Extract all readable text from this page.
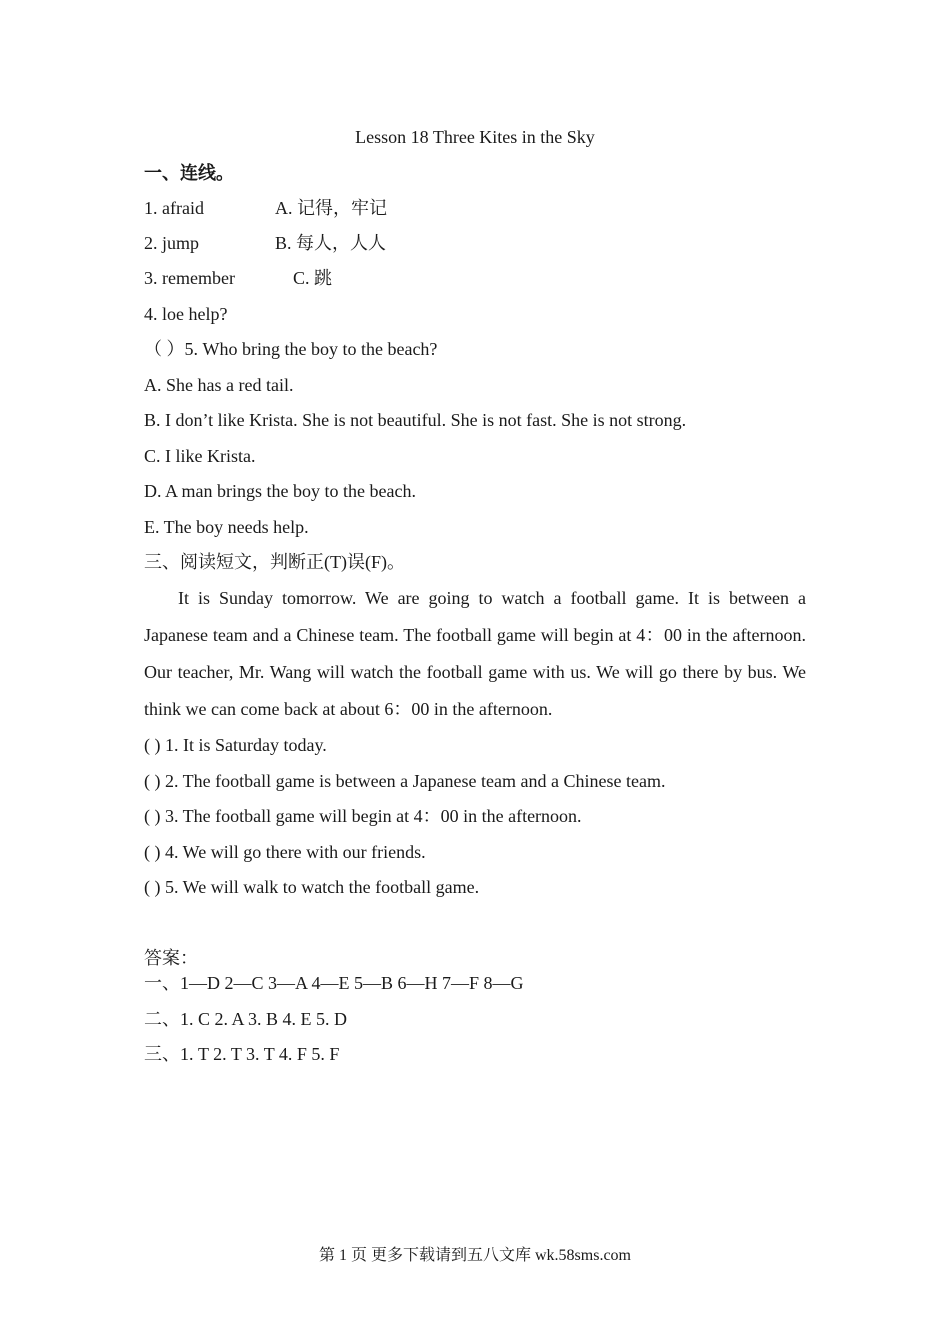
Lesson 18 Three Kites in the Sky
一、连线。
1. afraid	A. 记得，牢记
2. jump	B. 每人，人人
3. remember	C. 跳
4. loe help?
（ ）5. Who bring the boy to the beach?
A. She has a red tail.
B. I don’t like Krista. She is not beautiful. She is not fast. She is not strong.
C. I like Krista.
D. A man brings the boy to the beach.
E. The boy needs help.
三、阅读短文，判断正(T)误(F)。
It is Sunday tomorrow. We are going to watch a football game. It is between a Japanese team and a Chinese team. The football game will begin at 4：00 in the afternoon. Our teacher, Mr. Wang will watch the football game with us. We will go there by bus. We think we can come back at about 6：00 in the afternoon.
( ) 1. It is Saturday today.
( ) 2. The football game is between a Japanese team and a Chinese team.
( ) 3. The football game will begin at 4：00 in the afternoon.
( ) 4. We will go there with our friends.
( ) 5. We will walk to watch the football game.
答案：
一、1—D 2—C 3—A 4—E 5—B 6—H 7—F 8—G
二、1. C 2. A 3. B 4. E 5. D
三、1. T 2. T 3. T 4. F 5. F
第 1 页 更多下载请到五八文库 wk.58sms.com
